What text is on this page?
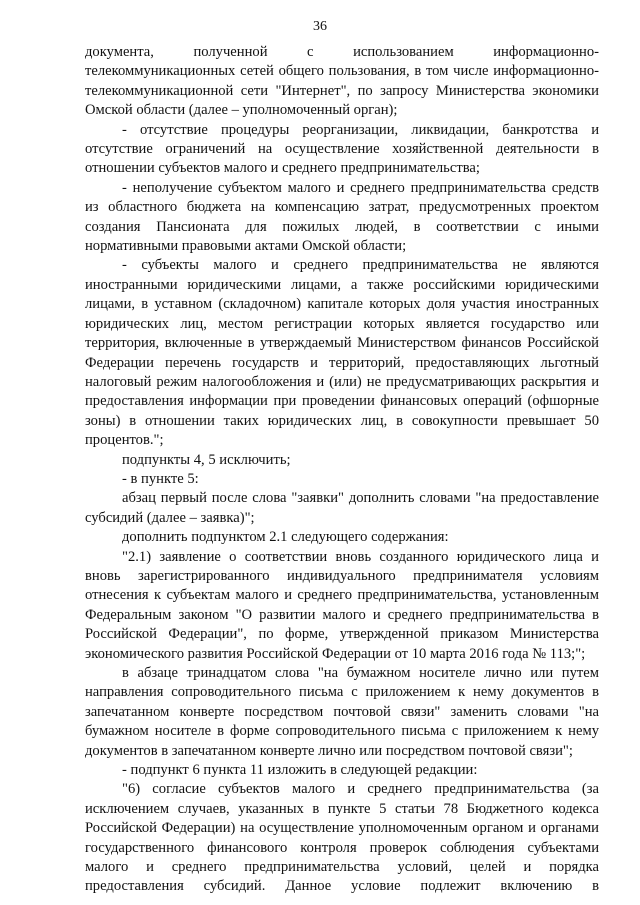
36

документа, полученной с использованием информационно-телекоммуникационных сетей общего пользования, в том числе информационно-телекоммуникационной сети "Интернет", по запросу Министерства экономики Омской области (далее – уполномоченный орган);

- отсутствие процедуры реорганизации, ликвидации, банкротства и отсутствие ограничений на осуществление хозяйственной деятельности в отношении субъектов малого и среднего предпринимательства;

- неполучение субъектом малого и среднего предпринимательства средств из областного бюджета на компенсацию затрат, предусмотренных проектом создания Пансионата для пожилых людей, в соответствии с иными нормативными правовыми актами Омской области;

- субъекты малого и среднего предпринимательства не являются иностранными юридическими лицами, а также российскими юридическими лицами, в уставном (складочном) капитале которых доля участия иностранных юридических лиц, местом регистрации которых является государство или территория, включенные в утверждаемый Министерством финансов Российской Федерации перечень государств и территорий, предоставляющих льготный налоговый режим налогообложения и (или) не предусматривающих раскрытия и предоставления информации при проведении финансовых операций (офшорные зоны) в отношении таких юридических лиц, в совокупности превышает 50 процентов.";

подпункты 4, 5 исключить;

- в пункте 5:

абзац первый после слова "заявки" дополнить словами "на предоставление субсидий (далее – заявка)";

дополнить подпунктом 2.1 следующего содержания:

"2.1) заявление о соответствии вновь созданного юридического лица и вновь зарегистрированного индивидуального предпринимателя условиям отнесения к субъектам малого и среднего предпринимательства, установленным Федеральным законом "О развитии малого и среднего предпринимательства в Российской Федерации", по форме, утвержденной приказом Министерства экономического развития Российской Федерации от 10 марта 2016 года № 113;";

в абзаце тринадцатом слова "на бумажном носителе лично или путем направления сопроводительного письма с приложением к нему документов в запечатанном конверте посредством почтовой связи" заменить словами "на бумажном носителе в форме сопроводительного письма с приложением к нему документов в запечатанном конверте лично или посредством почтовой связи";

- подпункт 6 пункта 11 изложить в следующей редакции:

"6) согласие субъектов малого и среднего предпринимательства (за исключением случаев, указанных в пункте 5 статьи 78 Бюджетного кодекса Российской Федерации) на осуществление уполномоченным органом и органами государственного финансового контроля проверок соблюдения субъектами малого и среднего предпринимательства условий, целей и порядка предоставления субсидий. Данное условие подлежит включению в
